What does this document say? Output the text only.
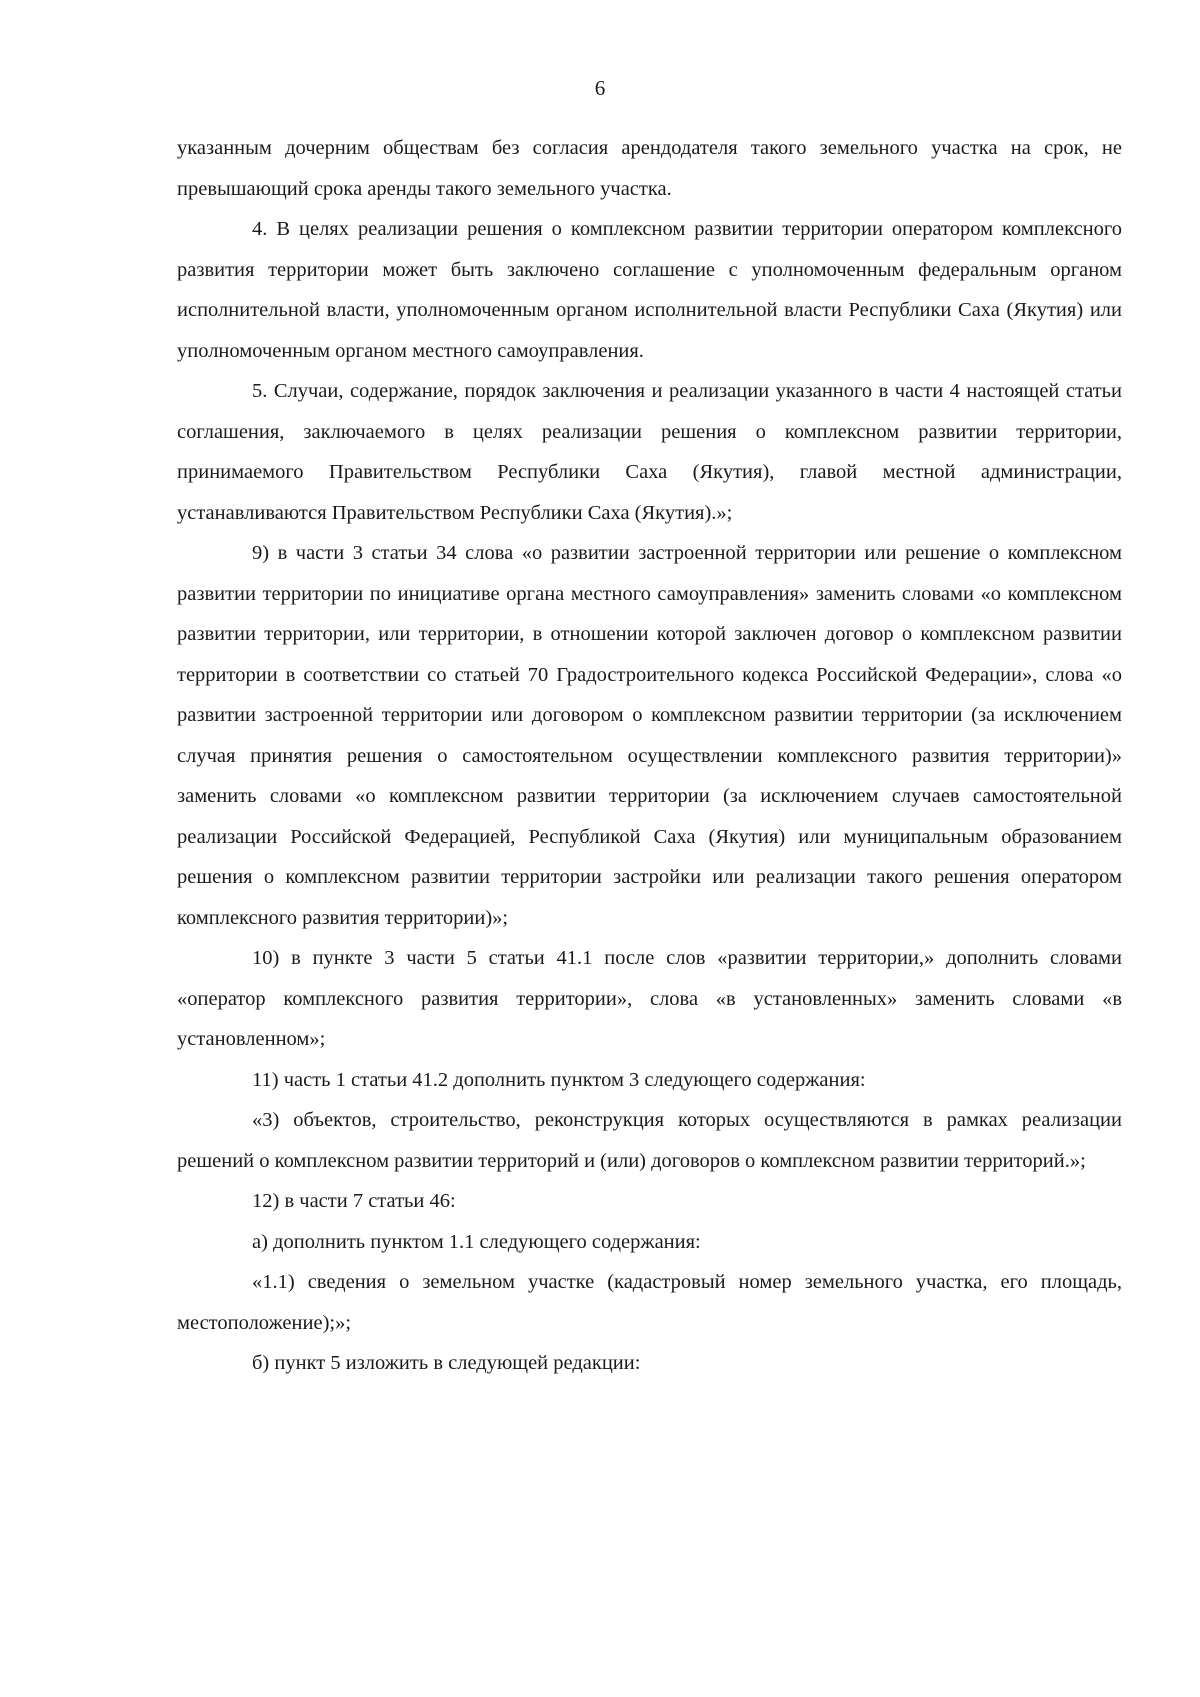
6

указанным дочерним обществам без согласия арендодателя такого земельного участка на срок, не превышающий срока аренды такого земельного участка.

4. В целях реализации решения о комплексном развитии территории оператором комплексного развития территории может быть заключено соглашение с уполномоченным федеральным органом исполнительной власти, уполномоченным органом исполнительной власти Республики Саха (Якутия) или уполномоченным органом местного самоуправления.

5. Случаи, содержание, порядок заключения и реализации указанного в части 4 настоящей статьи соглашения, заключаемого в целях реализации решения о комплексном развитии территории, принимаемого Правительством Республики Саха (Якутия), главой местной администрации, устанавливаются Правительством Республики Саха (Якутия).»;

9) в части 3 статьи 34 слова «о развитии застроенной территории или решение о комплексном развитии территории по инициативе органа местного самоуправления» заменить словами «о комплексном развитии территории, или территории, в отношении которой заключен договор о комплексном развитии территории в соответствии со статьей 70 Градостроительного кодекса Российской Федерации», слова «о развитии застроенной территории или договором о комплексном развитии территории (за исключением случая принятия решения о самостоятельном осуществлении комплексного развития территории)» заменить словами «о комплексном развитии территории (за исключением случаев самостоятельной реализации Российской Федерацией, Республикой Саха (Якутия) или муниципальным образованием решения о комплексном развитии территории застройки или реализации такого решения оператором комплексного развития территории)»;

10) в пункте 3 части 5 статьи 41.1 после слов «развитии территории,» дополнить словами «оператор комплексного развития территории», слова «в установленных» заменить словами «в установленном»;

11) часть 1 статьи 41.2 дополнить пунктом 3 следующего содержания:

«3) объектов, строительство, реконструкция которых осуществляются в рамках реализации решений о комплексном развитии территорий и (или) договоров о комплексном развитии территорий.»;

12) в части 7 статьи 46:

а) дополнить пунктом 1.1 следующего содержания:

«1.1) сведения о земельном участке (кадастровый номер земельного участка, его площадь, местоположение);»;

б) пункт 5 изложить в следующей редакции:
